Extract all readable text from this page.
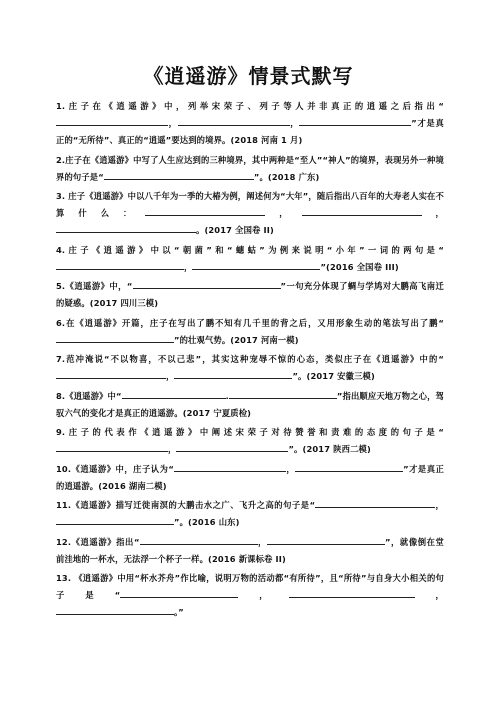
《逍遥游》情景式默写

1.庄子在《逍遥游》中，列举宋荣子、列子等人并非真正的逍遥之后指出“，	，	”才是真正的“无所待”、真正的“逍遥”要达到的境界。(2018 河南 1 月)

2.庄子在《逍遥游》中写了人生应达到的三种境界，其中两种是“至人”“神人”的境界，表现另外一种境界的句子是“	”。(2018 广东)

3. 庄子《逍遥游》中以八千年为一季的大椿为例，阐述何为“大年”，随后指出八百年的大寿老人实在不算什么：	，	，。(2017 全国卷 II)

4.庄子《逍遥游》中以“朝菌”和“蟪蛄”为例来说明“小年”一词的两句是“，	”(2016 全国卷 III)

5.《逍遥游》中，“	”一句充分体现了蜩与学鸠对大鹏高飞南迁的疑惑。(2017 四川三模)

6.在《逍遥游》开篇，庄子在写出了鹏不知有几千里的背之后，又用形象生动的笔法写出了鹏“”的壮观气势。(2017 河南一模)

7.范冲淹说“不以物喜，不以己悲”，其实这种宠辱不惊的心态，类似庄子在《逍遥游》中的“，	”。(2017 安徽三模)

8.《逍遥游》中“	.	”指出顺应天地万物之心，驾驭六气的变化才是真正的逍遥游。(2017 宁夏质检)

9.庄子的代表作《逍遥游》中阐述宋荣子对待赞誉和责难的态度的句子是“，	”。(2017 陕西二模)

10.《逍遥游》中，庄子认为“	，	”才是真正的逍遥游。(2016 湖南二模)

11.《逍遥游》描写迁徙南溟的大鹏击水之广、飞升之高的句子是“	，”。(2016 山东)

12.《逍遥游》指出“	，	”，就像倒在堂前洼地的一杯水，无法浮一个杯子一样。(2016 新课标卷 II)

13. 《逍遥游》中用“杯水芥舟”作比喻，说明万物的活动都“有所待”，且“所待”与自身大小相关的句子是“	，	，。”
